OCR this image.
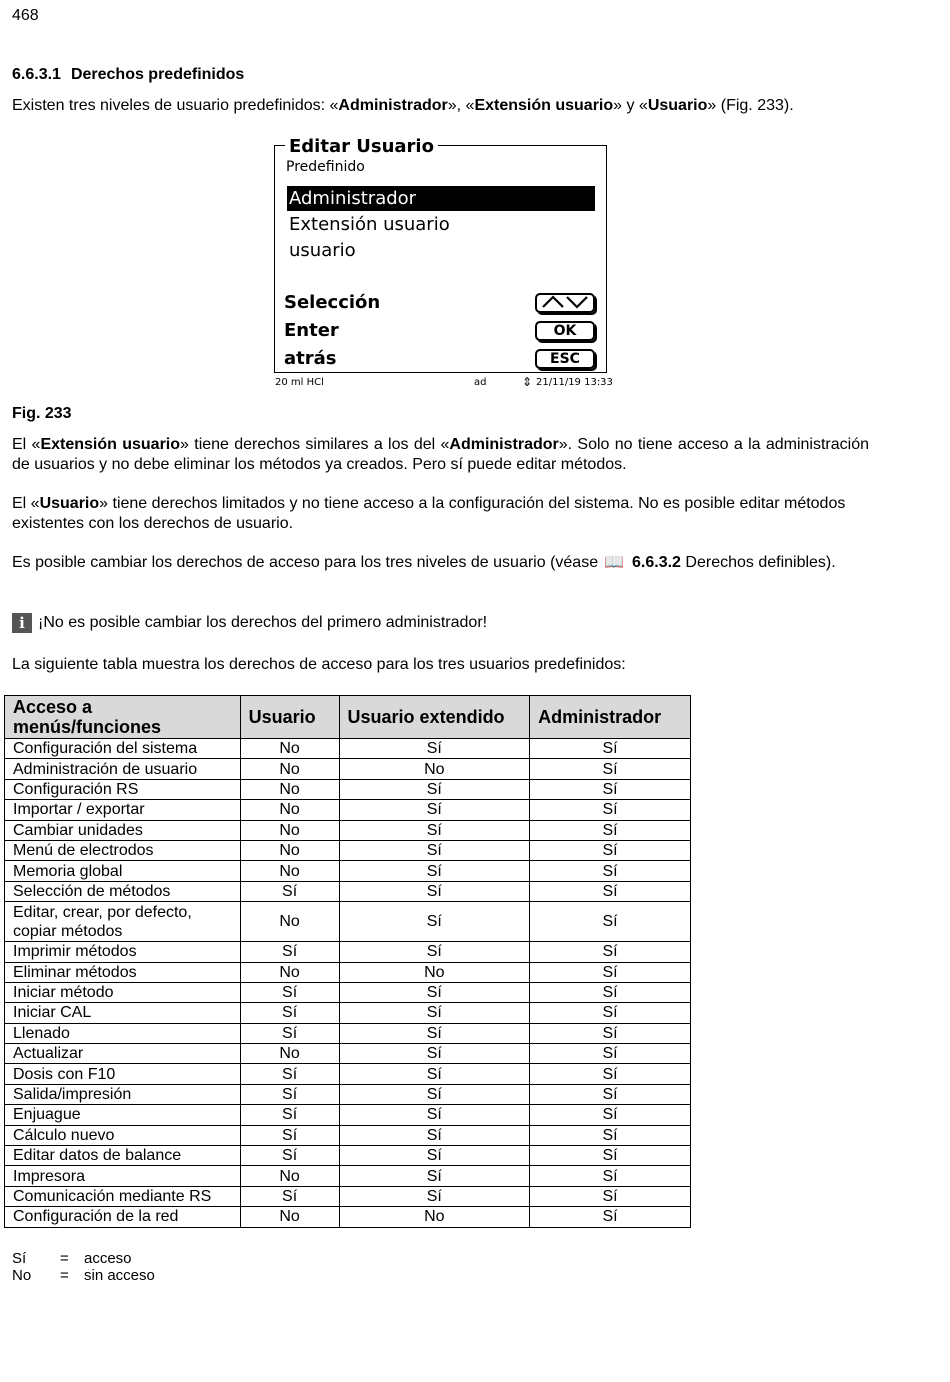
468
6.6.3.1 Derechos predefinidos
Existen tres niveles de usuario predefinidos: «Administrador», «Extensión usuario» y «Usuario» (Fig. 233).
Editar Usuario
Predefinido
Administrador
Extensión usuario
usuario
Selección
Enter	OK
atrás	ESC
20 ml HCl	ad	⇕ 21/11/19 13:33
Fig. 233
El «Extensión usuario» tiene derechos similares a los del «Administrador». Solo no tiene acceso a la administración de usuarios y no debe eliminar los métodos ya creados. Pero sí puede editar métodos.
El «Usuario» tiene derechos limitados y no tiene acceso a la configuración del sistema. No es posible editar métodos existentes con los derechos de usuario.
Es posible cambiar los derechos de acceso para los tres niveles de usuario (véase 📖 6.6.3.2 Derechos definibles).
i ¡No es posible cambiar los derechos del primero administrador!
La siguiente tabla muestra los derechos de acceso para los tres usuarios predefinidos:
Acceso a menús/funciones	Usuario	Usuario extendido	Administrador
Configuración del sistema	No	Sí	Sí
Administración de usuario	No	No	Sí
Configuración RS	No	Sí	Sí
Importar / exportar	No	Sí	Sí
Cambiar unidades	No	Sí	Sí
Menú de electrodos	No	Sí	Sí
Memoria global	No	Sí	Sí
Selección de métodos	Sí	Sí	Sí
Editar, crear, por defecto, copiar métodos	No	Sí	Sí
Imprimir métodos	Sí	Sí	Sí
Eliminar métodos	No	No	Sí
Iniciar método	Sí	Sí	Sí
Iniciar CAL	Sí	Sí	Sí
Llenado	Sí	Sí	Sí
Actualizar	No	Sí	Sí
Dosis con F10	Sí	Sí	Sí
Salida/impresión	Sí	Sí	Sí
Enjuague	Sí	Sí	Sí
Cálculo nuevo	Sí	Sí	Sí
Editar datos de balance	Sí	Sí	Sí
Impresora	No	Sí	Sí
Comunicación mediante RS	Sí	Sí	Sí
Configuración de la red	No	No	Sí
Sí = acceso
No = sin acceso
